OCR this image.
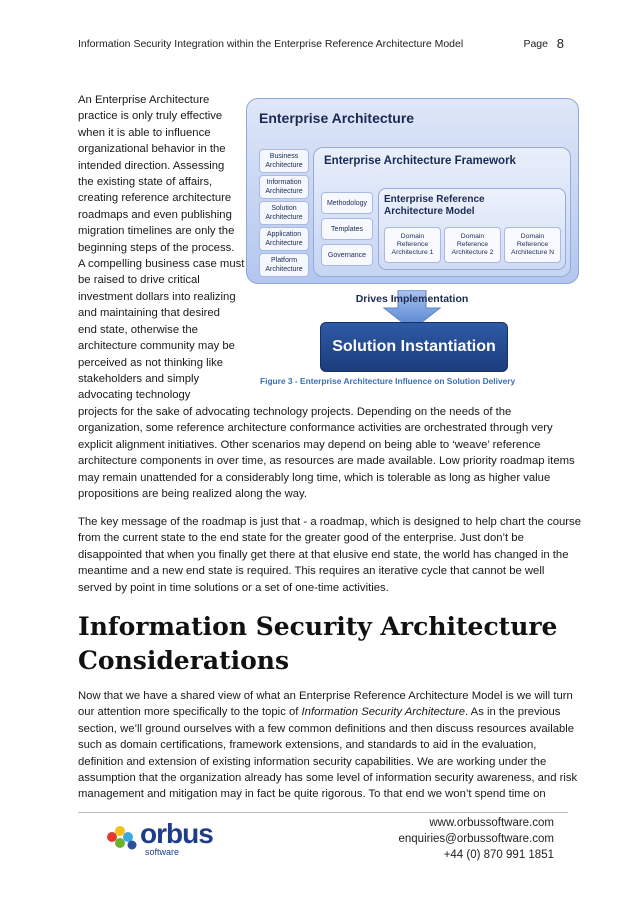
Information Security Integration within the Enterprise Reference Architecture Model	Page 8
An Enterprise Architecture
practice is only truly effective
when it is able to influence
organizational behavior in the
intended direction. Assessing
the existing state of affairs,
creating reference architecture
roadmaps and even publishing
migration timelines are only the
beginning steps of the process.
A compelling business case must
be raised to drive critical
investment dollars into realizing
and maintaining that desired
end state, otherwise the
architecture community may be
perceived as not thinking like
stakeholders and simply
advocating technology
Enterprise Architecture
Business Architecture
Information Architecture
Solution Architecture
Application Architecture
Platform Architecture
Enterprise Architecture Framework
Methodology
Templates
Governance
Enterprise Reference Architecture Model
Domain
Reference
Architecture 1
Domain
Reference
Architecture 2
Domain
Reference
Architecture N
Drives Implementation
Solution Instantiation
Figure 3 - Enterprise Architecture Influence on Solution Delivery
projects for the sake of advocating technology projects. Depending on the needs of the
organization, some reference architecture conformance activities are orchestrated through very
explicit alignment initiatives. Other scenarios may depend on being able to ‘weave’ reference
architecture components in over time, as resources are made available. Low priority roadmap items
may remain unattended for a considerably long time, which is tolerable as long as higher value
propositions are being realized along the way.
The key message of the roadmap is just that - a roadmap, which is designed to help chart the course
from the current state to the end state for the greater good of the enterprise. Just don’t be
disappointed that when you finally get there at that elusive end state, the world has changed in the
meantime and a new end state is required. This requires an iterative cycle that cannot be well
served by point in time solutions or a set of one-time activities.
Information Security Architecture
Considerations
Now that we have a shared view of what an Enterprise Reference Architecture Model is we will turn
our attention more specifically to the topic of Information Security Architecture. As in the previous
section, we’ll ground ourselves with a few common definitions and then discuss resources available
such as domain certifications, framework extensions, and standards to aid in the evaluation,
definition and extension of existing information security capabilities. We are working under the
assumption that the organization already has some level of information security awareness, and risk
management and mitigation may in fact be quite rigorous. To that end we won’t spend time on
orbus
software
www.orbussoftware.com
enquiries@orbussoftware.com
+44 (0) 870 991 1851
